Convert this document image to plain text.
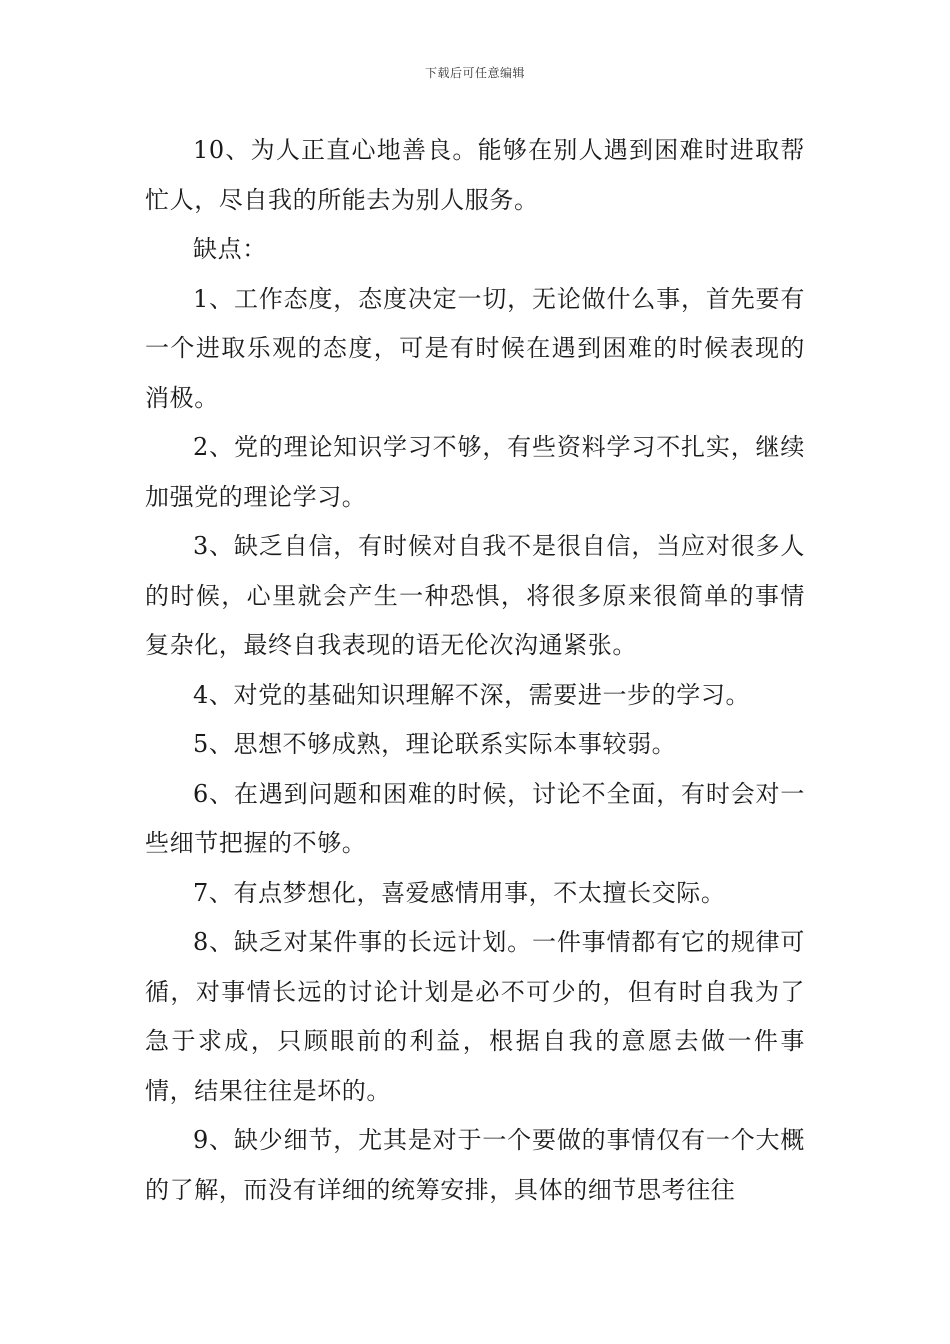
下载后可任意编辑

10、为人正直心地善良。能够在别人遇到困难时进取帮忙人，尽自我的所能去为别人服务。

缺点：

1、工作态度，态度决定一切，无论做什么事，首先要有一个进取乐观的态度，可是有时候在遇到困难的时候表现的消极。

2、党的理论知识学习不够，有些资料学习不扎实，继续加强党的理论学习。

3、缺乏自信，有时候对自我不是很自信，当应对很多人的时候，心里就会产生一种恐惧，将很多原来很简单的事情复杂化，最终自我表现的语无伦次沟通紧张。

4、对党的基础知识理解不深，需要进一步的学习。

5、思想不够成熟，理论联系实际本事较弱。

6、在遇到问题和困难的时候，讨论不全面，有时会对一些细节把握的不够。

7、有点梦想化，喜爱感情用事，不太擅长交际。

8、缺乏对某件事的长远计划。一件事情都有它的规律可循，对事情长远的讨论计划是必不可少的，但有时自我为了急于求成，只顾眼前的利益，根据自我的意愿去做一件事情，结果往往是坏的。

9、缺少细节，尤其是对于一个要做的事情仅有一个大概的了解，而没有详细的统筹安排，具体的细节思考往往
